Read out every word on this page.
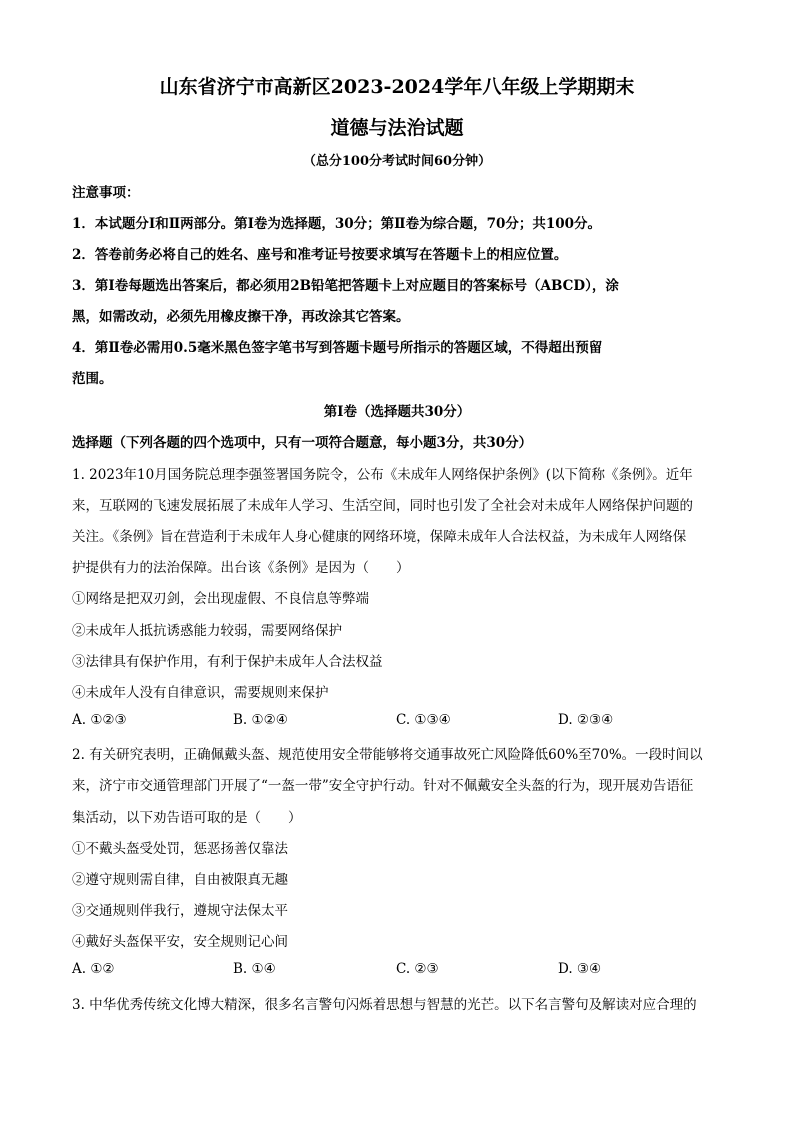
山东省济宁市高新区2023-2024学年八年级上学期期末
道德与法治试题
（总分100分考试时间60分钟）
注意事项：
1．本试题分Ⅰ和Ⅱ两部分。第Ⅰ卷为选择题，30分；第Ⅱ卷为综合题，70分；共100分。
2．答卷前务必将自己的姓名、座号和准考证号按要求填写在答题卡上的相应位置。
3．第Ⅰ卷每题选出答案后，都必须用2B铅笔把答题卡上对应题目的答案标号（ABCD），涂
黑，如需改动，必须先用橡皮擦干净，再改涂其它答案。
4．第Ⅱ卷必需用0.5毫米黑色签字笔书写到答题卡题号所指示的答题区域，不得超出预留
范围。
第Ⅰ卷（选择题共30分）
选择题（下列各题的四个选项中，只有一项符合题意，每小题3分，共30分）
1. 2023年10月国务院总理李强签署国务院令，公布《未成年人网络保护条例》(以下简称《条例》。近年
来，互联网的飞速发展拓展了未成年人学习、生活空间，同时也引发了全社会对未成年人网络保护问题的
关注。《条例》旨在营造利于未成年人身心健康的网络环境，保障未成年人合法权益，为未成年人网络保
护提供有力的法治保障。出台该《条例》是因为（　　）
①网络是把双刃剑，会出现虚假、不良信息等弊端
②未成年人抵抗诱惑能力较弱，需要网络保护
③法律具有保护作用，有利于保护未成年人合法权益
④未成年人没有自律意识，需要规则来保护
A. ①②③	B. ①②④	C. ①③④	D. ②③④
2. 有关研究表明，正确佩戴头盔、规范使用安全带能够将交通事故死亡风险降低60%至70%。一段时间以
来，济宁市交通管理部门开展了“一盔一带”安全守护行动。针对不佩戴安全头盔的行为，现开展劝告语征
集活动，以下劝告语可取的是（　　）
①不戴头盔受处罚，惩恶扬善仅靠法
②遵守规则需自律，自由被限真无趣
③交通规则伴我行，遵规守法保太平
④戴好头盔保平安，安全规则记心间
A. ①②	B. ①④	C. ②③	D. ③④
3. 中华优秀传统文化博大精深，很多名言警句闪烁着思想与智慧的光芒。以下名言警句及解读对应合理的
